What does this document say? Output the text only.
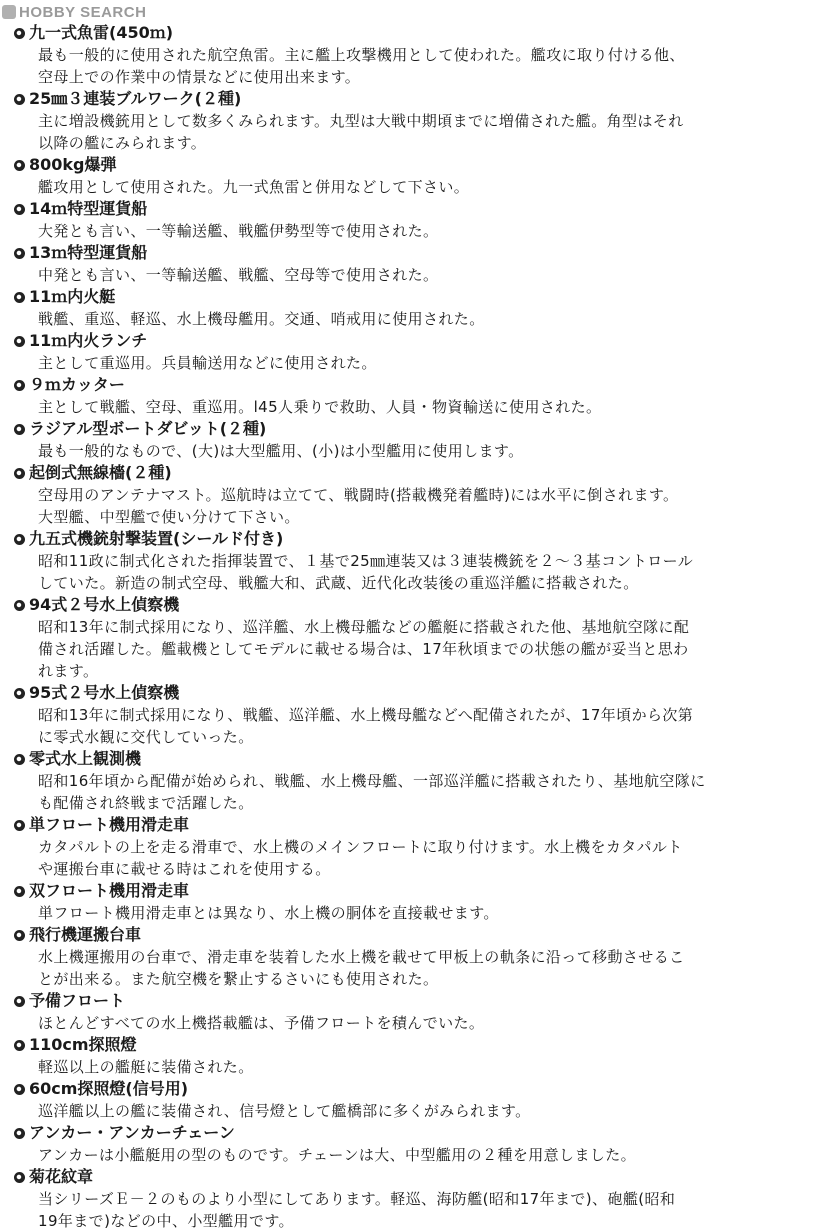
HOBBY SEARCH
九一式魚雷(450ｍ)
最も一般的に使用された航空魚雷。主に艦上攻撃機用として使われた。艦攻に取り付ける他、
空母上での作業中の情景などに使用出来ます。
25㎜３連装ブルワーク(２種)
主に増設機銃用として数多くみられます。丸型は大戦中期頃までに増備された艦。角型はそれ
以降の艦にみられます。
800kg爆弾
艦攻用として使用された。九一式魚雷と併用などして下さい。
14ｍ特型運貨船
大発とも言い、一等輸送艦、戦艦伊勢型等で使用された。
13ｍ特型運貨船
中発とも言い、一等輸送艦、戦艦、空母等で使用された。
11ｍ内火艇
戦艦、重巡、軽巡、水上機母艦用。交通、哨戒用に使用された。
11ｍ内火ランチ
主として重巡用。兵員輸送用などに使用された。
９ｍカッター
主として戦艦、空母、重巡用。l45人乗りで救助、人員・物資輸送に使用された。
ラジアル型ボートダビット(２種)
最も一般的なもので、(大)は大型艦用、(小)は小型艦用に使用します。
起倒式無線檣(２種)
空母用のアンテナマスト。巡航時は立てて、戦闘時(搭載機発着艦時)には水平に倒されます。
大型艦、中型艦で使い分けて下さい。
九五式機銃射撃装置(シールド付き)
昭和11政に制式化された指揮装置で、１基で25㎜連装又は３連装機銃を２～３基コントロール
していた。新造の制式空母、戦艦大和、武蔵、近代化改装後の重巡洋艦に搭載された。
94式２号水上偵察機
昭和13年に制式採用になり、巡洋艦、水上機母艦などの艦艇に搭載された他、基地航空隊に配
備され活躍した。艦載機としてモデルに載せる場合は、17年秋頃までの状態の艦が妥当と思わ
れます。
95式２号水上偵察機
昭和13年に制式採用になり、戦艦、巡洋艦、水上機母艦などへ配備されたが、17年頃から次第
に零式水観に交代していった。
零式水上観測機
昭和16年頃から配備が始められ、戦艦、水上機母艦、一部巡洋艦に搭載されたり、基地航空隊に
も配備され終戦まで活躍した。
単フロート機用滑走車
カタパルトの上を走る滑車で、水上機のメインフロートに取り付けます。水上機をカタパルト
や運搬台車に載せる時はこれを使用する。
双フロート機用滑走車
単フロート機用滑走車とは異なり、水上機の胴体を直接載せます。
飛行機運搬台車
水上機運搬用の台車で、滑走車を装着した水上機を載せて甲板上の軌条に沿って移動させるこ
とが出来る。また航空機を繋止するさいにも使用された。
予備フロート
ほとんどすべての水上機搭載艦は、予備フロートを積んでいた。
110cm探照燈
軽巡以上の艦艇に装備された。
60cm探照燈(信号用)
巡洋艦以上の艦に装備され、信号燈として艦橋部に多くがみられます。
アンカー・アンカーチェーン
アンカーは小艦艇用の型のものです。チェーンは大、中型艦用の２種を用意しました。
菊花紋章
当シリーズＥ－２のものより小型にしてあります。軽巡、海防艦(昭和17年まで)、砲艦(昭和
19年まで)などの中、小型艦用です。
